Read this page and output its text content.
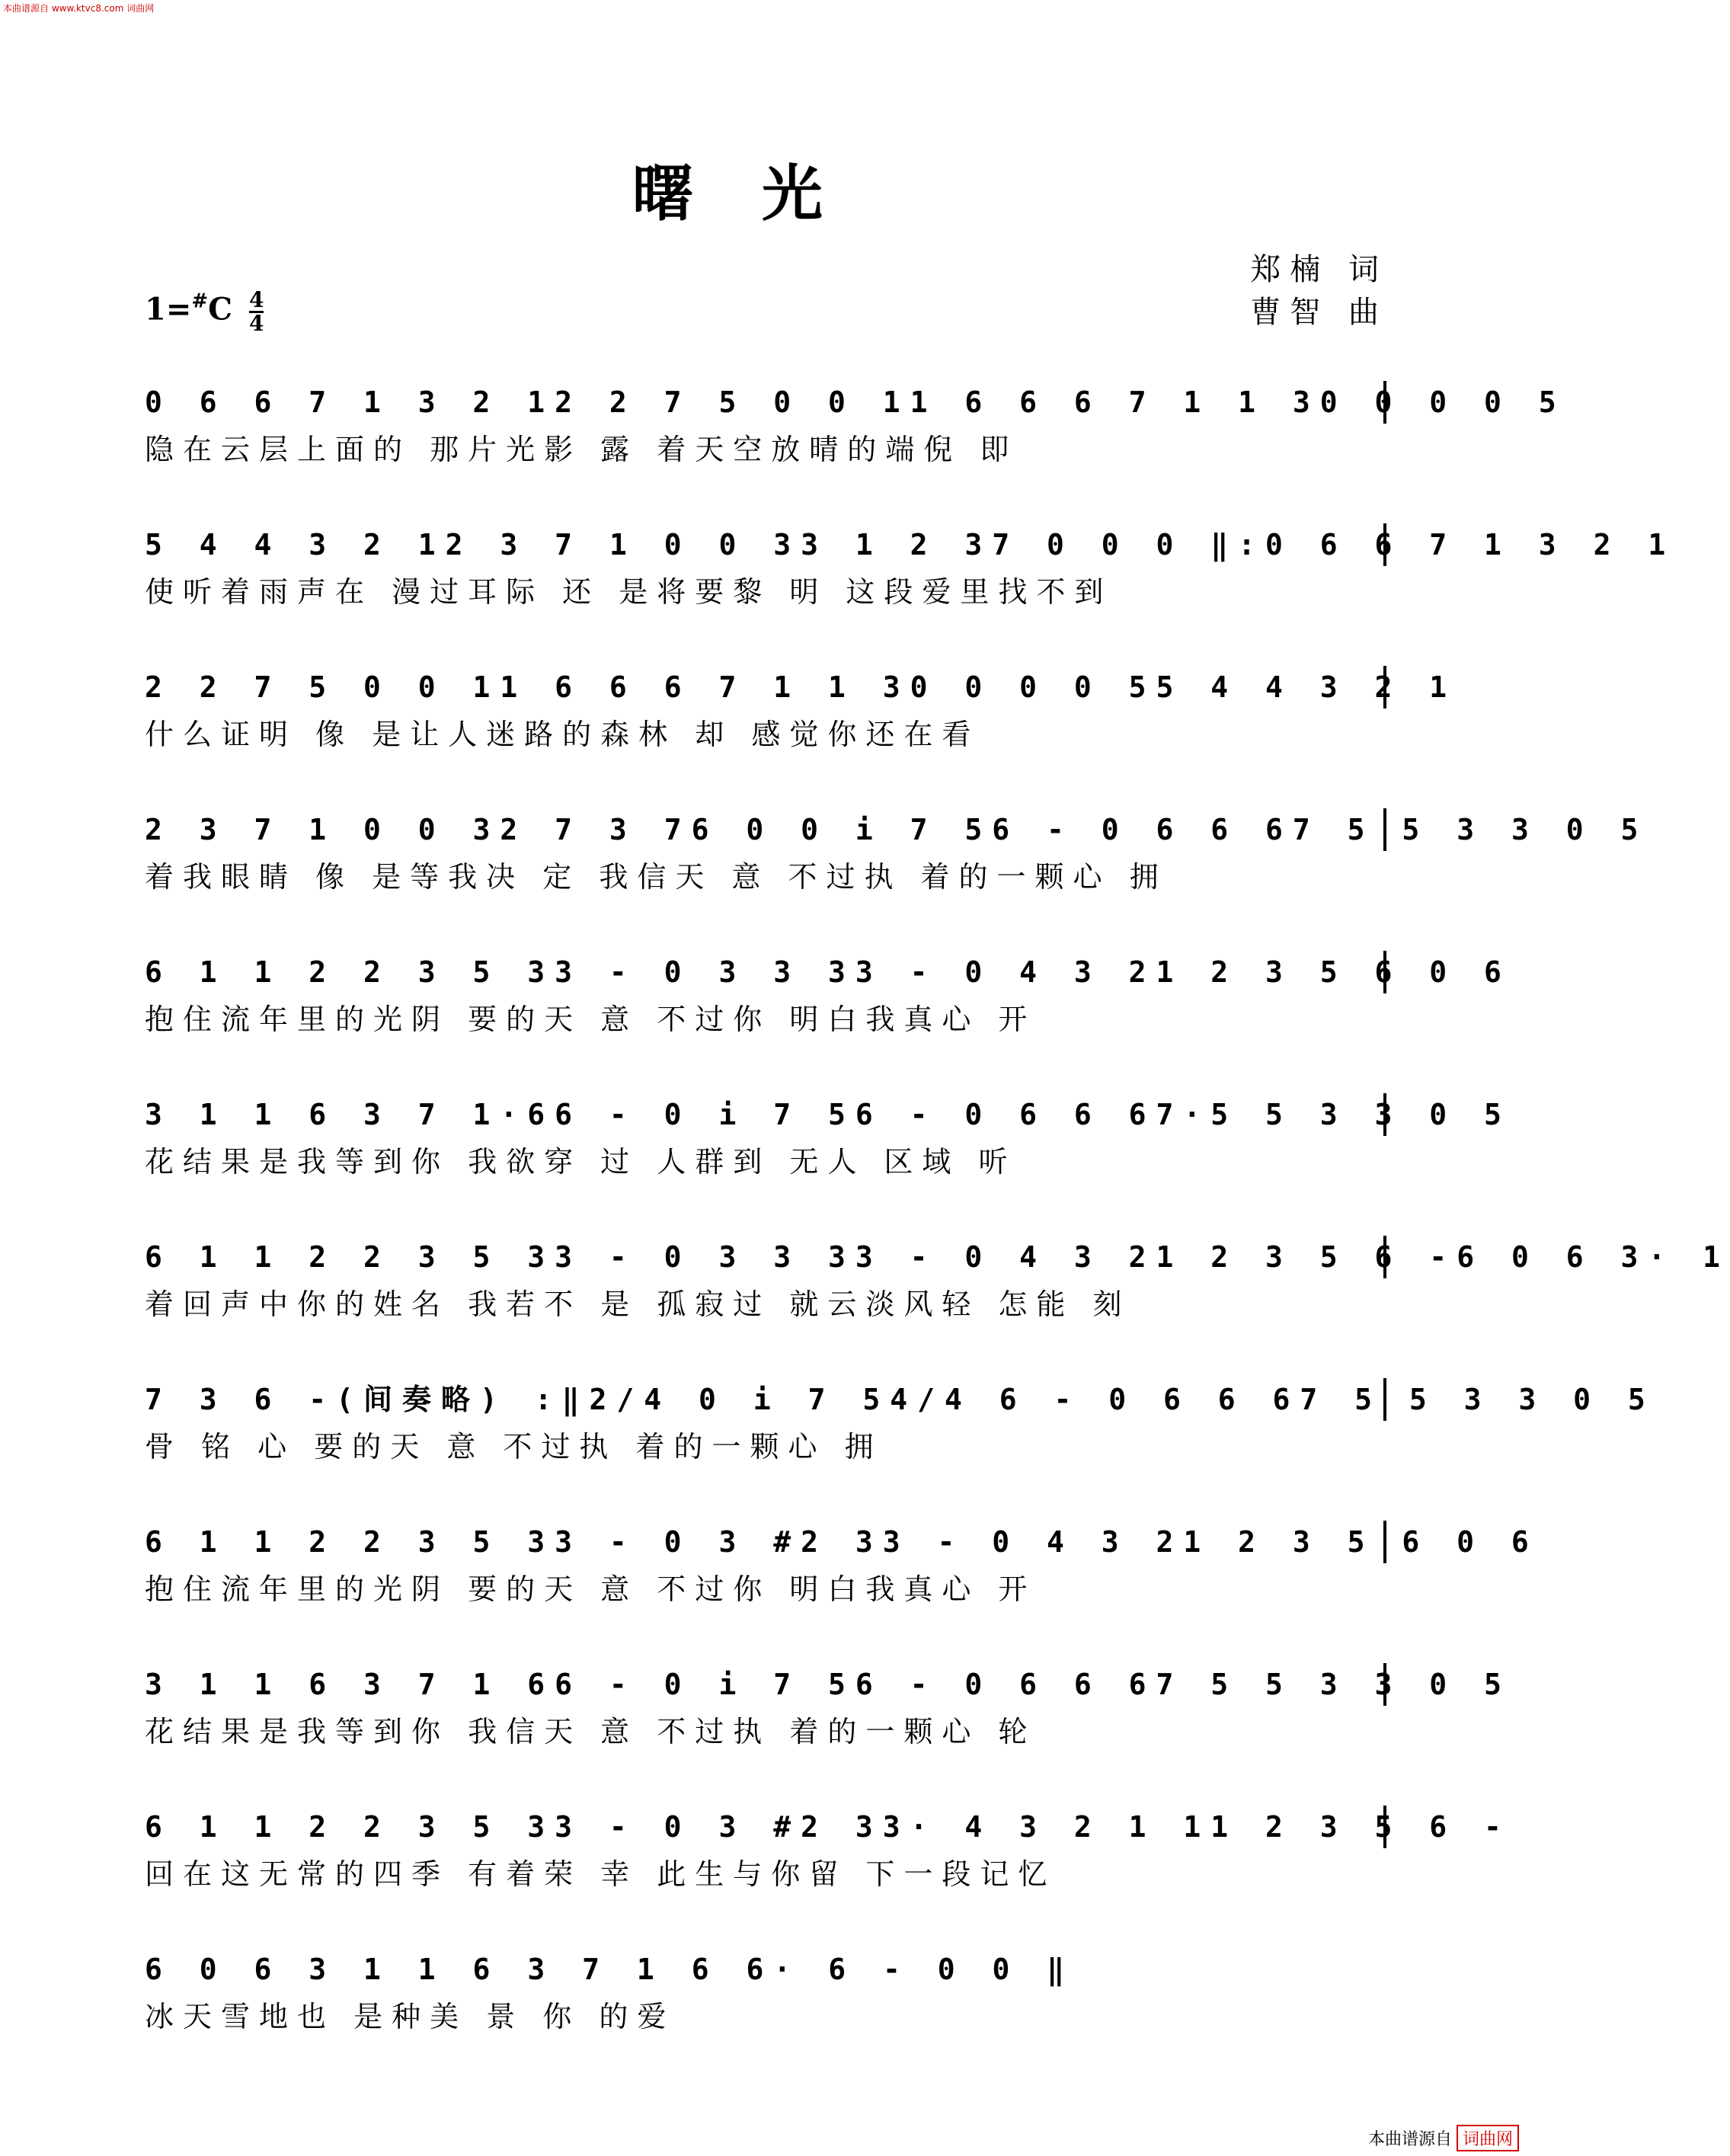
本曲谱源自 www.ktvc8.com 词曲网
曙光
郑楠 词
曹智 曲
$1=^{\#}C \frac{4}{4}$
0 6 6 7 1 3 2 1 2 2 7 5 0 0 1 1 6 6 6 7 1 1 3 0 0 0 0 5
隐在云层上面的 那片光影 露 着天空放晴的端倪 即
5 4 4 3 2 1 2 3 7 1 0 0 3 3 1 2 3 7 0 0 0 ‖: 0 6 6 7 1 3 2 1
使听着雨声在 漫过耳际 还 是将要黎 明 这段爱里找不到
2 2 7 5 0 0 1 1 6 6 6 7 1 1 3 0 0 0 0 5 5 4 4 3 2 1
什么证明 像 是让人迷路的森林 却 感觉你还在看
2 3 7 1 0 0 3 2 7 3 7 6 0 0 i 7 5 6 - 0 6 6 6 7 5 5 3 3 0 5
着我眼睛 像 是等我决 定 我信天 意 不过执 着的一颗心 拥
6 1 1 2 2 3 5 3 3 - 0 3 3 3 3 - 0 4 3 2 1 2 3 5 6 0 6
抱住流年里的光阴 要的天 意 不过你 明白我真心 开
3 1 1 6 3 7 1·6 6 - 0 i 7 5 6 - 0 6 6 6 7·5 5 3 3 0 5
花结果是我等到你 我欲穿 过 人群到 无人 区域 听
6 1 1 2 2 3 5 3 3 - 0 3 3 3 3 - 0 4 3 2 1 2 3 5 6 - 6 0 6 3· 1
着回声中你的姓名 我若不 是 孤寂过 就云淡风轻 怎能 刻
7 3 6 - (间奏略) :‖ 2/4 0 i 7 5 4/4 6 - 0 6 6 6 7 5 5 3 3 0 5
骨 铭 心 要的天 意 不过执 着的一颗心 拥
6 1 1 2 2 3 5 3 3 - 0 3 #2 3 3 - 0 4 3 2 1 2 3 5 6 0 6
抱住流年里的光阴 要的天 意 不过你 明白我真心 开
3 1 1 6 3 7 1 6 6 - 0 i 7 5 6 - 0 6 6 6 7 5 5 3 3 0 5
花结果是我等到你 我信天 意 不过执 着的一颗心 轮
6 1 1 2 2 3 5 3 3 - 0 3 #2 3 3· 4 3 2 1 1 1 2 3 5 6 -
回在这无常的四季 有着荣 幸 此生与你留 下一段记忆
6 0 6 3 1 1 6 3 7 1 6 6· 6 - 0 0 ‖
冰天雪地也 是种美 景 你 的爱
本曲谱源自 词曲网
